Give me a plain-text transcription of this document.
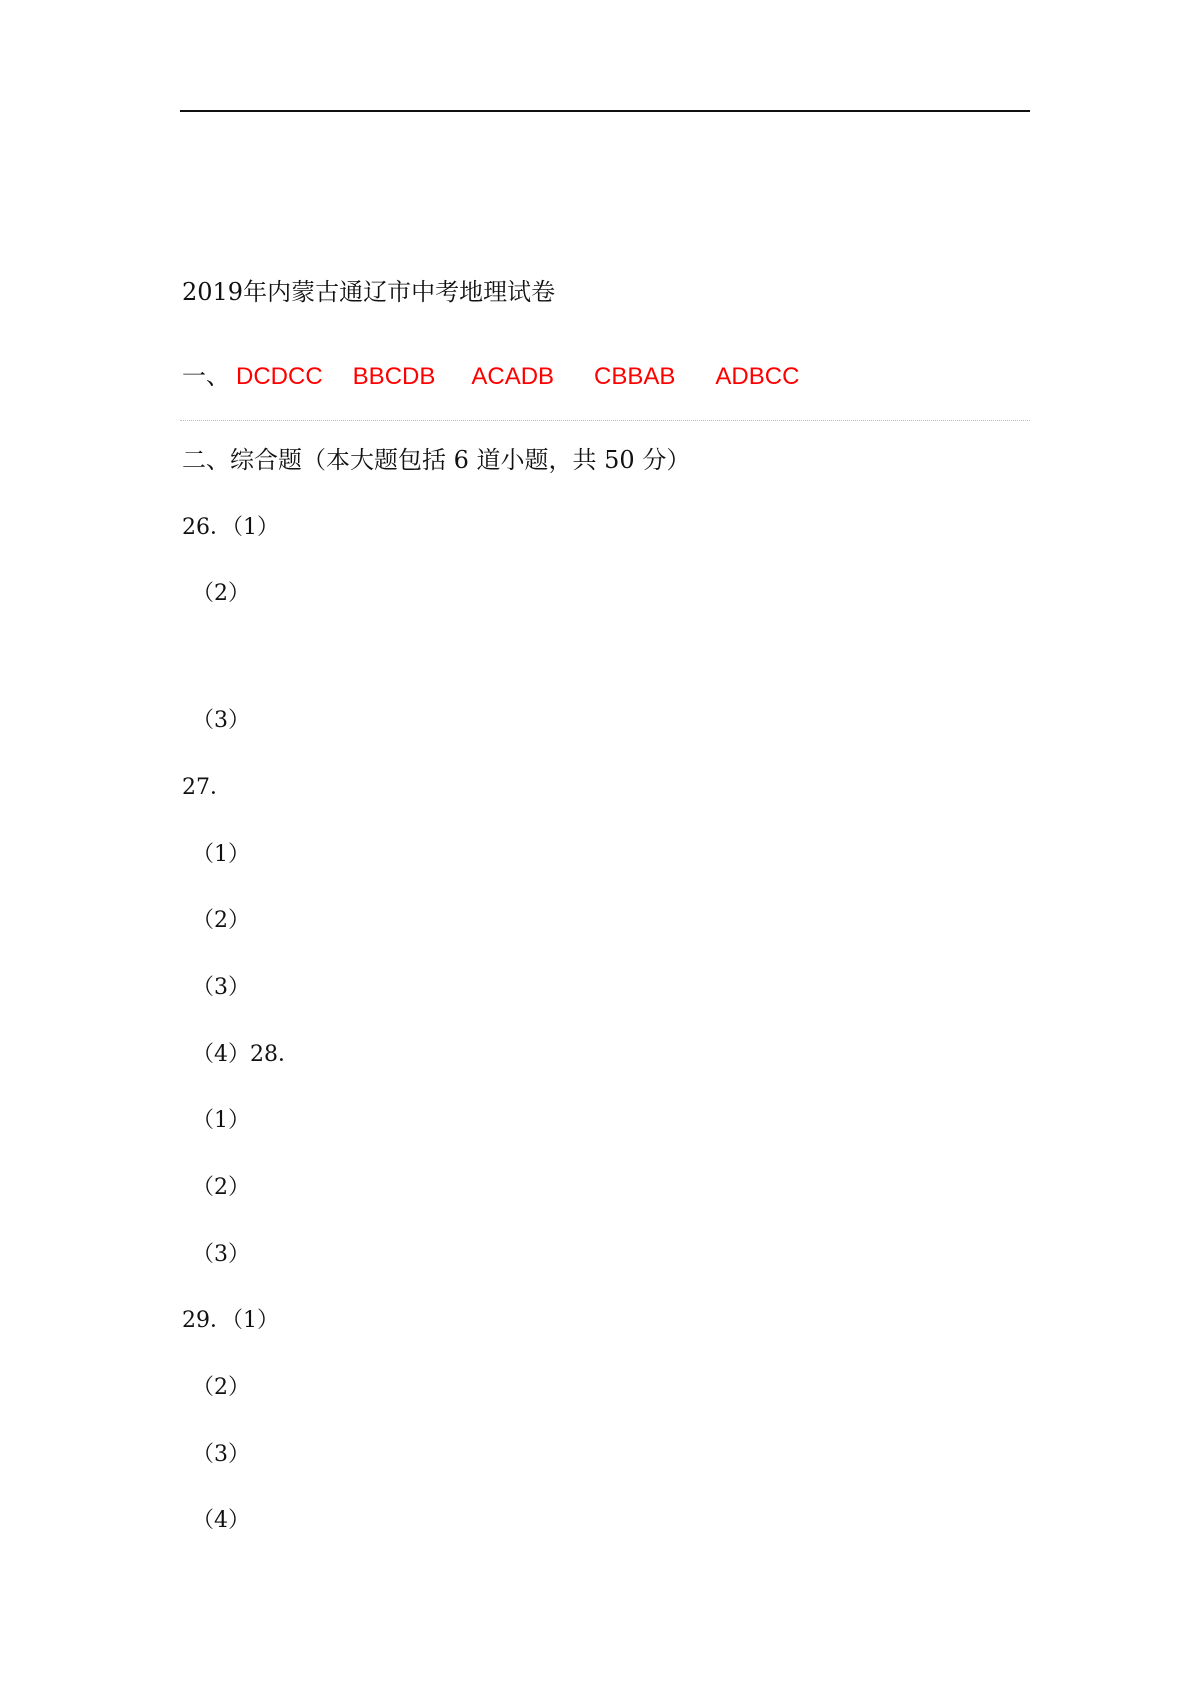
2019年内蒙古通辽市中考地理试卷
一、 DCDCC BBCDB ACADB CBBAB ADBCC
二、综合题（本大题包括 6 道小题，共 50 分）
26．（1）
（2）
（3）
27．
（1）
（2）
（3）
（4）28．
（1）
（2）
（3）
29．（1）
（2）
（3）
（4）
